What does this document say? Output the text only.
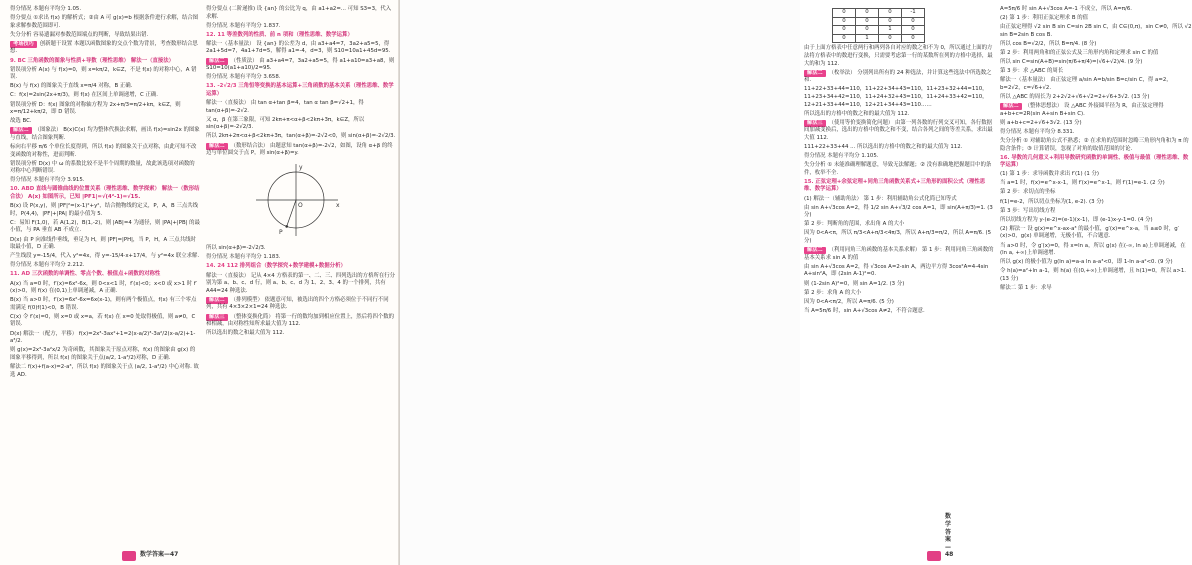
得分情况 本题有平均分 1.05.

得分要点 ①求出 f(x) 的解析式；②由 A 可 g(x)=b 根据条件进行求解，结合图象求解参数范围即可.

失分分析 容易遗漏对参数范围端点的判断，导致结果出错.

考场技巧 创新题干设置 本题以函数图象的交点个数为背景，考查数形结合思想.
9. BC 三角函数的图象与性质+导数（理性思维） 解法一（直接法）

错误项分析 A(x) 与 f(x)=0，则 x=kπ/2，k∈Z，不是 f(x) 的对称中心，A 错误.

B(x) 与 f(x) 的图象关于直线 x=π/4 对称，B 正确.

C：f(x)=2sin(2x+π/3)，则 f(x) 在区间上单调递增，C 正确.

错误项分析 D：f(x) 图象的对称轴方程为 2x+π/3=π/2+kπ，k∈Z，则 x=π/12+kπ/2，即 D 错误.

故选 BC.

解法二 （图象法） B(x)C(x) 均为整体代换法求解，画出 f(x)=sin2x 的图象与直线，结合图象判断.

标向右平移 π/6 个单位长度得到，所以 f(x) 的图象关于点对称，由此可知不改变函数的对称性，进而判断.

错误项分析 D(x) 中 ω 的系数比较不是半个周期的数量，故此该选项对函数的对称中心判断错误.

得分情况 本题有平均分 3.915.
10. ABD 直线与圆锥曲线的位置关系（理性思维、数学探索） 解法一（数形结合法） A(x) 如图所示，已知 |PF1|=√(4²-1)=√15.

B(x) 设 P(x,y)，则 |PF|²=(x-1)²+y²，结合抛物线的定义，P，A，B 三点共线时，P(4,4)，|PF|+|PA| 的最小值为 5.

C：易知 F(1,0)，若 A(1,2)，B(1,-2)，则 |AB|=4 为通径，则 |PA|+|PB| 的最小值，与 PA 垂直 AB 不成立.

D(x) 由 P 向准线作垂线，垂足为 H，则 |PF|=|PH|，当 P，H，A 三点共线时取最小值，D 正确.

产生线段 y=-15/4，代入 y²=4x，得 y=-15/4·x+17/4，与 y²=4x 联立求解.

得分情况 本题有平均分 2.212.
11. AD 三次函数的单调性、零点个数、极值点+函数的对称性

A(x) 当 a=0 时，f′(x)=6x²-6x，则 0<x<1 时，f′(x)<0；x<0 或 x>1 时 f′(x)>0，则 f(x) 在(0,1)上单调递减，A 正确.

B(x) 当 a>0 时，f′(x)=6x²-6x=6x(x-1)，则有两个极值点，f(x) 有三个零点需满足 f(0)f(1)<0，B 错误.

C(x) 令 f′(x)=0，则 x=0 或 x=a，若 f(x) 在 x=0 处取得极值，则 a≠0，C 错误.

D(x) 解法一（配方，平移） f(x)=2x³-3ax²+1=2(x-a/2)³-3a²/2(x-a/2)+1-a³/2.

则 g(x)=2x³-3a²x/2 为奇函数，其图象关于原点对称，f(x) 的图象由 g(x) 的图象平移得到，所以 f(x) 的图象关于点(a/2, 1-a³/2)对称，D 正确.

解法二 f(x)+f(a-x)=2-a³，所以 f(x) 的图象关于点 (a/2, 1-a³/2) 中心对称. 故选 AD.

得分要点 (二阶递推) 设 {an} 的公比为 q，由 a1+a2=... 可知 S3=3，代入求解.

得分情况 本题有平均分 1.837.
12. 11 等差数列的性质、前 n 项和（理性思维、数学运算）

解法一（基本量法） 设 {an} 的公差为 d，由 a3+a4=7，3a2+a5=5，得 2a1+5d=7，4a1+7d=5，解得 a1=-4，d=3，则 S10=10a1+45d=95.

解法二 （性质法） 由 a3+a4=7，3a2+a5=5，得 a1+a10=a3+a8，则 S10=10(a1+a10)/2=95.
得分情况 本题有平均分 3.658.
13. -2√2/3 三角恒等变换的基本运算+三角函数的基本关系（理性思维、数学运算）

解法一（直接法） 由 tan α+tan β=4，tan α tan β=√2+1，得 tan(α+β)=-2√2.

又 α，β 在第三象限，可知 2kπ+π<α+β<2kπ+3π，k∈Z，所以 sin(α+β)=-2√2/3.

所以 2kπ+2π<α+β<2kπ+3π，tan(α+β)=-2√2<0，则 sin(α+β)=-2√2/3.

解法二 （数形结合法） 由题意知 tan(α+β)=-2√2，如图，设角 α+β 的终边与单位圆交于点 P，则 sin(α+β)=y.
O	x
y
P

所以 sin(α+β)=-2√2/3.

得分情况 本题有平均分 1.183.
14. 24 112 排列组合（数学探究+数学建模+数据分析）

解法一（直接法） 记从 4×4 方格表的第一、二、三、四列选出的方格所在行分别为第 a、b、c、d 行，则 a、b、c、d 为 1、2、3、4 的一个排列，共有 A44=24 种选法.

解法二 （排列模型） 依题意可知，被选出的四个方格必须位于不同行不同列，共有 4×3×2×1=24 种选法.
解法三 （整体变换化简） 将第一行的数均加到相应位置上，然后将四个数的和相减，由对称性知所求最大值为 112.

所以选出的数之和最大值为 112.

数学答案—47
0	0	0	-1
0	0	0	0
0	0	1	0
0	1	0	0

由于上面方格表中任意两行和两列各自对应的数之和不为 0，所以通过上面的方法将方格表中的数进行变换，只需要考虑第一行的某数所在列的方格中选择，最大的和为 112.

解法二 （枚举法） 分别列出所有的 24 种选法，并计算这些选法中所选数之和.

11+22+33+44=110，11+22+34+43=110，11+23+32+44=110，11+23+34+42=110，11+24+32+43=110，11+24+33+42=110，12+21+33+44=110，12+21+34+43=110……

所以选出的方格中的数之和的最大值为 112.

解法三 （使用等价变换简化问题） 由第一列各数的行列交叉可知，各行数据间加减变换后，选出的方格中的数之和不变，结合各列之间的等差关系，求出最大值 112.

111+22+33+44 ... 所以选出的方格中的数之和的最大值为 112.

得分情况 本题有平均分 1.105.

失分分析 ① 未能准确理解题意，导致无法解题；② 没有准确地把握题目中的条件，枚举不全.

15. 正弦定理+余弦定理+同角三角函数关系式+三角形的面积公式（理性思维、数学运算）

(1) 解法一（辅助角法） 第 1 步：利用辅助角公式化简已知等式

由 sin A+√3cos A=2，得 1/2 sin A+√3/2 cos A=1，即 sin(A+π/3)=1. (3 分)

第 2 步：判断角的范围，求出角 A 的大小

因为 0<A<π，所以 π/3<A+π/3<4π/3，所以 A+π/3=π/2，所以 A=π/6. (5 分)

解法二 （利用同角三角函数的基本关系求解） 第 1 步：利用同角三角函数的基本关系求 sin A 的值

由 sin A+√3cos A=2，得 √3cos A=2-sin A，两边平方得 3cos²A=4-4sin A+sin²A，即 (2sin A-1)²=0.

则 (1-2sin A)²=0，则 sin A=1/2. (3 分)

第 2 步：求角 A 的大小

因为 0<A<π/2，所以 A=π/6. (5 分)

当 A=5π/6 时，sin A+√3cos A≠2，不符合题意.

A=5π/6 时 sin A+√3cos A=-1 不成立，所以 A=π/6.

(2) 第 1 步：利用正弦定理求 B 的值

由正弦定理得 √2 sin B sin C=sin 2B sin C，由 C∈(0,π)，sin C≠0，所以 √2 sin B=2sin B cos B.

所以 cos B=√2/2，所以 B=π/4. (8 分)

第 2 步：利用两角和的正弦公式及三角形内角和定理求 sin C 的值

所以 sin C=sin(A+B)=sin(π/6+π/4)=(√6+√2)/4. (9 分)

第 3 步：求 △ABC 的周长

解法一（基本量法） 由正弦定理 a/sin A=b/sin B=c/sin C，得 a=2，b=2√2，c=√6+√2.

所以 △ABC 的周长为 2+2√2+√6+√2=2+√6+3√2. (13 分)

解法二 （整体思想法） 设 △ABC 外接圆半径为 R，由正弦定理得 a+b+c=2R(sin A+sin B+sin C).

则 a+b+c=2+√6+3√2. (13 分)

得分情况 本题有平均分 8.331.

失分分析 ① 对辅助角公式不熟悉；② 在求角的范围时忽略三角形内角和为 π 的隐含条件；③ 计算错误，忽视了对角的取值范围的讨论.

16. 导数的几何意义+利用导数研究函数的单调性、极值与最值（理性思维、数学运算）

(1) 第 1 步：求导函数并求出 f′(1) (1 分)

当 a=1 时，f(x)=e^x-x-1，则 f′(x)=e^x-1，则 f′(1)=e-1. (2 分)

第 2 步：求切点的坐标

f(1)=e-2，所以切点坐标为(1, e-2). (3 分)

第 3 步：写出切线方程

所以切线方程为 y-(e-2)=(e-1)(x-1)，即 (e-1)x-y-1=0. (4 分)

(2) 解法一 设 g(x)=e^x-ax-a³ 的最小值，g′(x)=e^x-a，当 a≤0 时，g′(x)>0，g(x) 单调递增，无极小值，不合题意.

当 a>0 时，令 g′(x)=0，得 x=ln a，所以 g(x) 在(-∞, ln a)上单调递减，在(ln a, +∞)上单调递增.

所以 g(x) 的极小值为 g(ln a)=a-a ln a-a³<0，即 1-ln a-a²<0. (9 分)

令 h(a)=a²+ln a-1，则 h(a) 在(0,+∞)上单调递增，且 h(1)=0，所以 a>1. (13 分)

解法二 第 1 步：求导

数学答案—48
